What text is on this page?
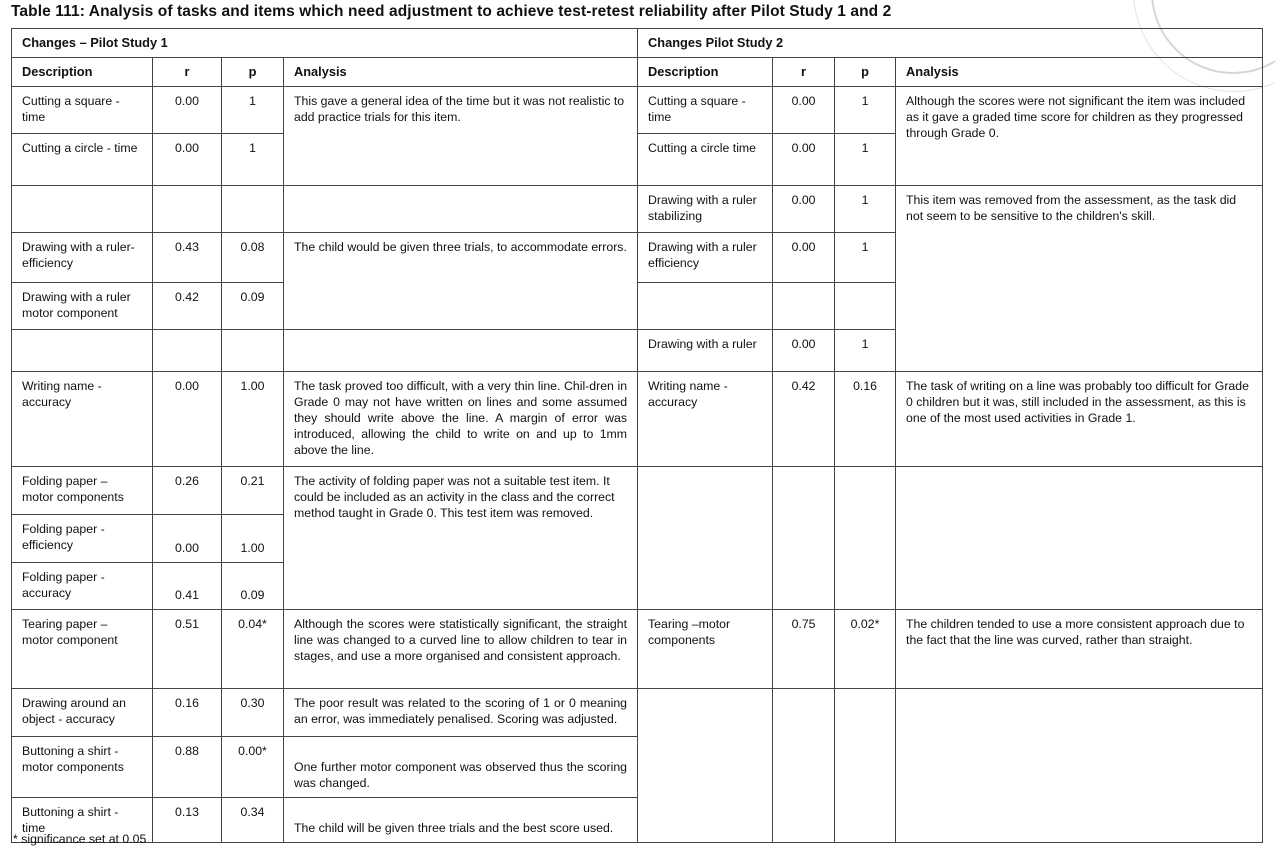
Table 111: Analysis of tasks and items which need adjustment to achieve test-retest reliability after Pilot Study 1 and 2
Changes – Pilot Study 1				Changes Pilot Study 2			
Description	r	p	Analysis	Description	r	p	Analysis
Cutting a square - time	0.00	1	This gave a general idea of the time but it was not realistic to add practice trials for this item.	Cutting a square - time	0.00	1	Although the scores were not significant the item was included as it gave a graded time score for children as they progressed through Grade 0.
Cutting a circle - time	0.00	1		Cutting a circle time	0.00	1	
				Drawing with a ruler stabilizing	0.00	1	This item was removed from the assessment, as the task did not seem to be sensitive to the children's skill.
Drawing with a ruler- efficiency	0.43	0.08	The child would be given three trials, to accommodate errors.	Drawing with a ruler efficiency	0.00	1	
Drawing with a ruler motor component	0.42	0.09					
				Drawing with a ruler	0.00	1	
Writing name - accuracy	0.00	1.00	The task proved too difficult, with a very thin line. Chil-dren in Grade 0 may not have written on lines and some assumed they should write above the line. A margin of error was introduced, allowing the child to write on and up to 1mm above the line.	Writing name - accuracy	0.42	0.16	The task of writing on a line was probably too difficult for Grade 0 children but it was, still included in the assessment, as this is one of the most used activities in Grade 1.
Folding paper – motor components	0.26	0.21	The activity of folding paper was not a suitable test item. It could be included as an activity in the class and the correct method taught in Grade 0. This test item was removed.				
Folding paper - efficiency	0.00	1.00					
Folding paper - accuracy	0.41	0.09					
Tearing paper – motor component	0.51	0.04*	Although the scores were statistically significant, the straight line was changed to a curved line to allow children to tear in stages, and use a more organised and consistent approach.	Tearing –motor components	0.75	0.02*	The children tended to use a more consistent approach due to the fact that the line was curved, rather than straight.
Drawing around an object - accuracy	0.16	0.30	The poor result was related to the scoring of 1 or 0 meaning an error, was immediately penalised. Scoring was adjusted.				
Buttoning a shirt - motor components	0.88	0.00*	One further motor component was observed thus the scoring was changed.				
Buttoning a shirt - time	0.13	0.34	The child will be given three trials and the best score used.				
* significance set at 0.05
